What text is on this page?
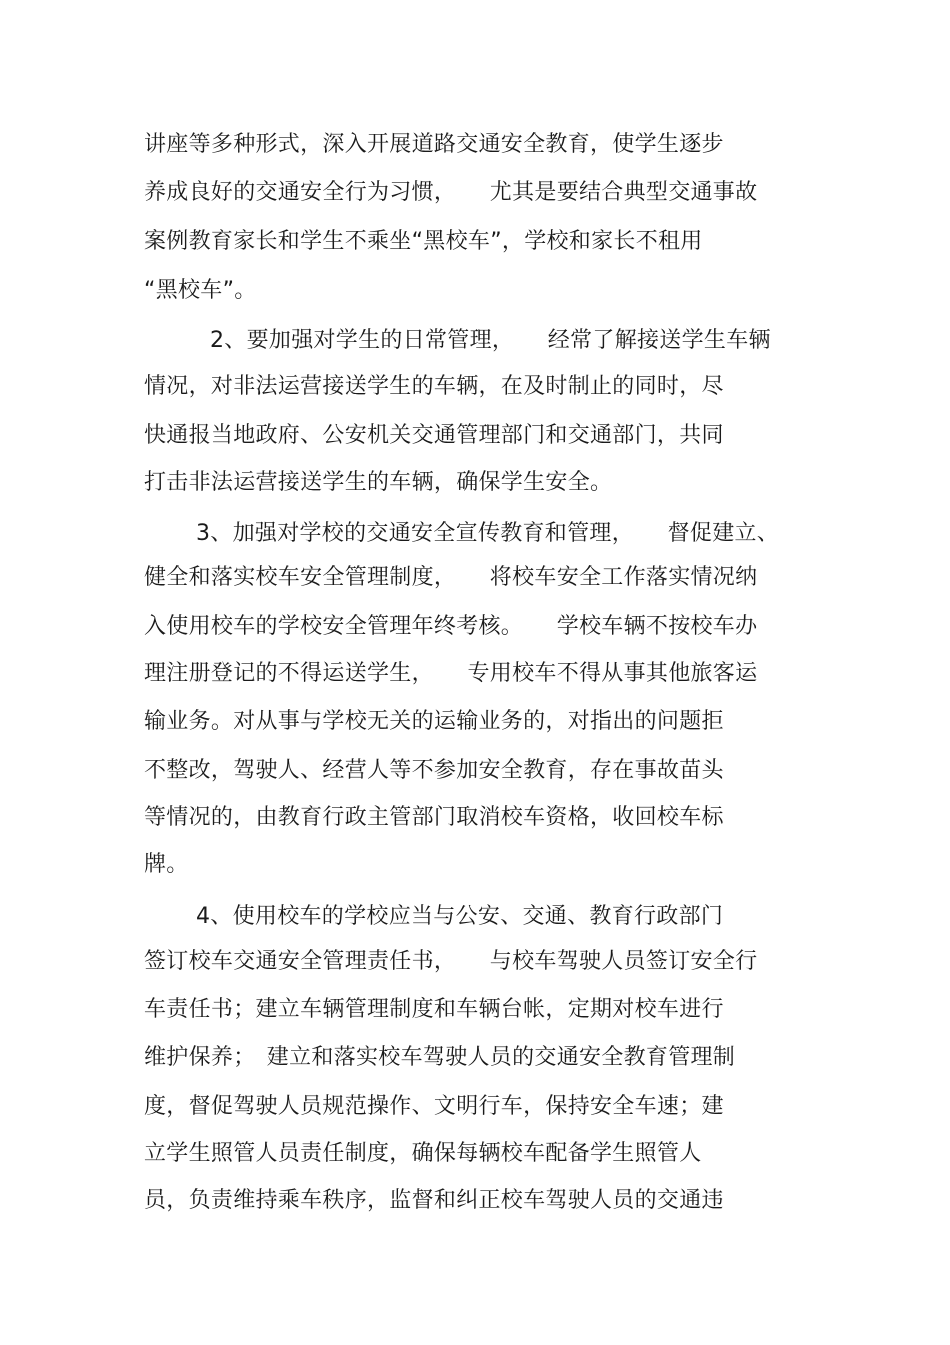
讲座等多种形式，深入开展道路交通安全教育，使学生逐步
养成良好的交通安全行为习惯，　　尤其是要结合典型交通事故
案例教育家长和学生不乘坐“黑校车”，学校和家长不租用
“黑校车”。
2、要加强对学生的日常管理，　　经常了解接送学生车辆
情况，对非法运营接送学生的车辆，在及时制止的同时，尽
快通报当地政府、公安机关交通管理部门和交通部门，共同
打击非法运营接送学生的车辆，确保学生安全。
3、加强对学校的交通安全宣传教育和管理，　　督促建立、
健全和落实校车安全管理制度，　　将校车安全工作落实情况纳
入使用校车的学校安全管理年终考核。　　学校车辆不按校车办
理注册登记的不得运送学生，　　专用校车不得从事其他旅客运
输业务。对从事与学校无关的运输业务的，对指出的问题拒
不整改，驾驶人、经营人等不参加安全教育，存在事故苗头
等情况的，由教育行政主管部门取消校车资格，收回校车标
牌。
4、使用校车的学校应当与公安、交通、教育行政部门
签订校车交通安全管理责任书，　　与校车驾驶人员签订安全行
车责任书；建立车辆管理制度和车辆台帐，定期对校车进行
维护保养；　建立和落实校车驾驶人员的交通安全教育管理制
度，督促驾驶人员规范操作、文明行车，保持安全车速；建
立学生照管人员责任制度，确保每辆校车配备学生照管人
员，负责维持乘车秩序，监督和纠正校车驾驶人员的交通违
